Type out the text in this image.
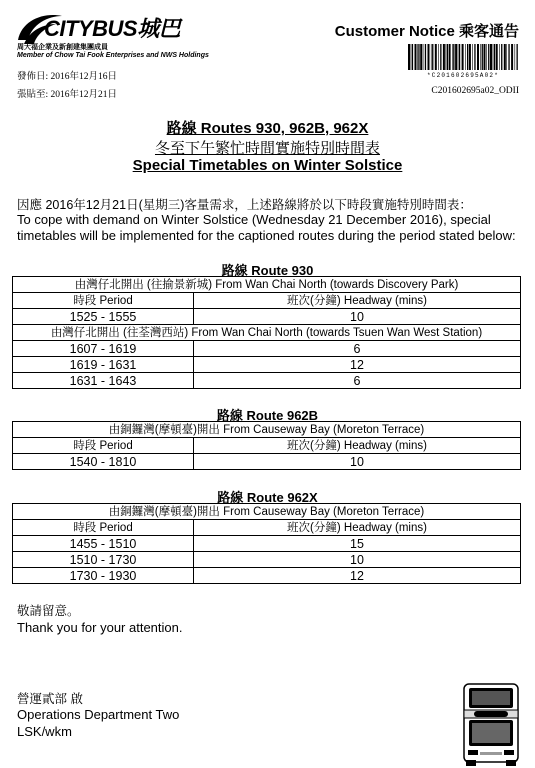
CITYBUS城巴
周大福企業及新創建集團成員
Member of Chow Tai Fook Enterprises and NWS Holdings
發佈日: 2016年12月16日
張貼至: 2016年12月21日
Customer Notice 乘客通告
*C201602695A02*
C201602695a02_ODII
路線 Routes 930, 962B, 962X
冬至下午繁忙時間實施特別時間表
Special Timetables on Winter Solstice
因應 2016年12月21日(星期三)客量需求，上述路線將於以下時段實施特別時間表：
To cope with demand on Winter Solstice (Wednesday 21 December 2016), special timetables will be implemented for the captioned routes during the period stated below:
路線 Route 930
由灣仔北開出 (往揄景新城) From Wan Chai North (towards Discovery Park)	
時段 Period	班次(分鐘) Headway (mins)
1525 - 1555	10
由灣仔北開出 (往荃灣西站) From Wan Chai North (towards Tsuen Wan West Station)	
1607 - 1619	6
1619 - 1631	12
1631 - 1643	6
路線 Route 962B
由銅鑼灣(摩頓臺)開出 From Causeway Bay (Moreton Terrace)	
時段 Period	班次(分鐘) Headway (mins)
1540 - 1810	10
路線 Route 962X
由銅鑼灣(摩頓臺)開出 From Causeway Bay (Moreton Terrace)	
時段 Period	班次(分鐘) Headway (mins)
1455 - 1510	15
1510 - 1730	10
1730 - 1930	12
敬請留意。
Thank you for your attention.
營運貳部 啟
Operations Department Two
LSK/wkm
